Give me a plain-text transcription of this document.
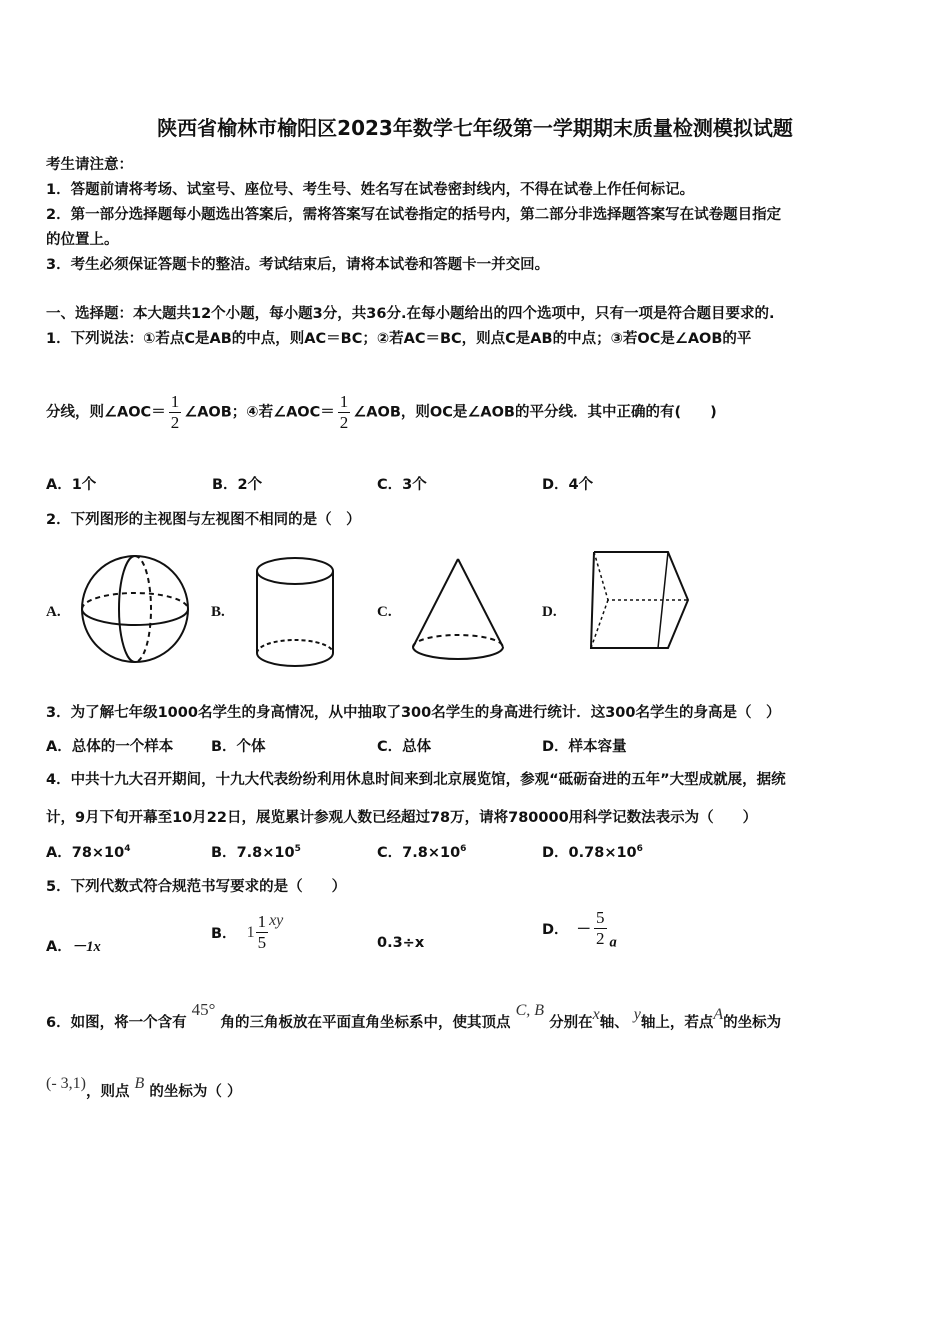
陕西省榆林市榆阳区2023年数学七年级第一学期期末质量检测模拟试题
考生请注意：
1．答题前请将考场、试室号、座位号、考生号、姓名写在试卷密封线内，不得在试卷上作任何标记。
2．第一部分选择题每小题选出答案后，需将答案写在试卷指定的括号内，第二部分非选择题答案写在试卷题目指定
的位置上。
3．考生必须保证答题卡的整洁。考试结束后，请将本试卷和答题卡一并交回。
一、选择题：本大题共12个小题，每小题3分，共36分.在每小题给出的四个选项中，只有一项是符合题目要求的.
1．下列说法：①若点C是AB的中点，则AC＝BC；②若AC＝BC，则点C是AB的中点；③若OC是∠AOB的平
分线，则∠AOC＝ $\frac{1}{2}$ ∠AOB；④若∠AOC＝ $\frac{1}{2}$ ∠AOB，则OC是∠AOB的平分线．其中正确的有(　　)
A．1个	B．2个	C．3个	D．4个
2．下列图形的主视图与左视图不相同的是（　）
A.	B.	C.	D.
3．为了解七年级1000名学生的身高情况，从中抽取了300名学生的身高进行统计．这300名学生的身高是（　）
A．总体的一个样本	B．个体	C．总体	D．样本容量
4．中共十九大召开期间，十九大代表纷纷利用休息时间来到北京展览馆，参观“砥砺奋进的五年”大型成就展，据统
计，9月下旬开幕至10月22日，展览累计参观人数已经超过78万，请将780000用科学记数法表示为（　　）
A．$78\times 10^4$	B．$7.8\times 10^5$	C．$7.8\times 10^6$	D．$0.78\times 10^6$
5．下列代数式符合规范书写要求的是（　　）
A．－1x
B． $1 \frac{1}{5}$ xy
0.3÷x
D． － $\frac{5}{2}$ a
6．如图，将一个含有 45° 角的三角板放在平面直角坐标系中，使其顶点 C, B 分别在x轴、 y轴上，若点A的坐标为
(- 3,1)，则点 B 的坐标为（ ）
